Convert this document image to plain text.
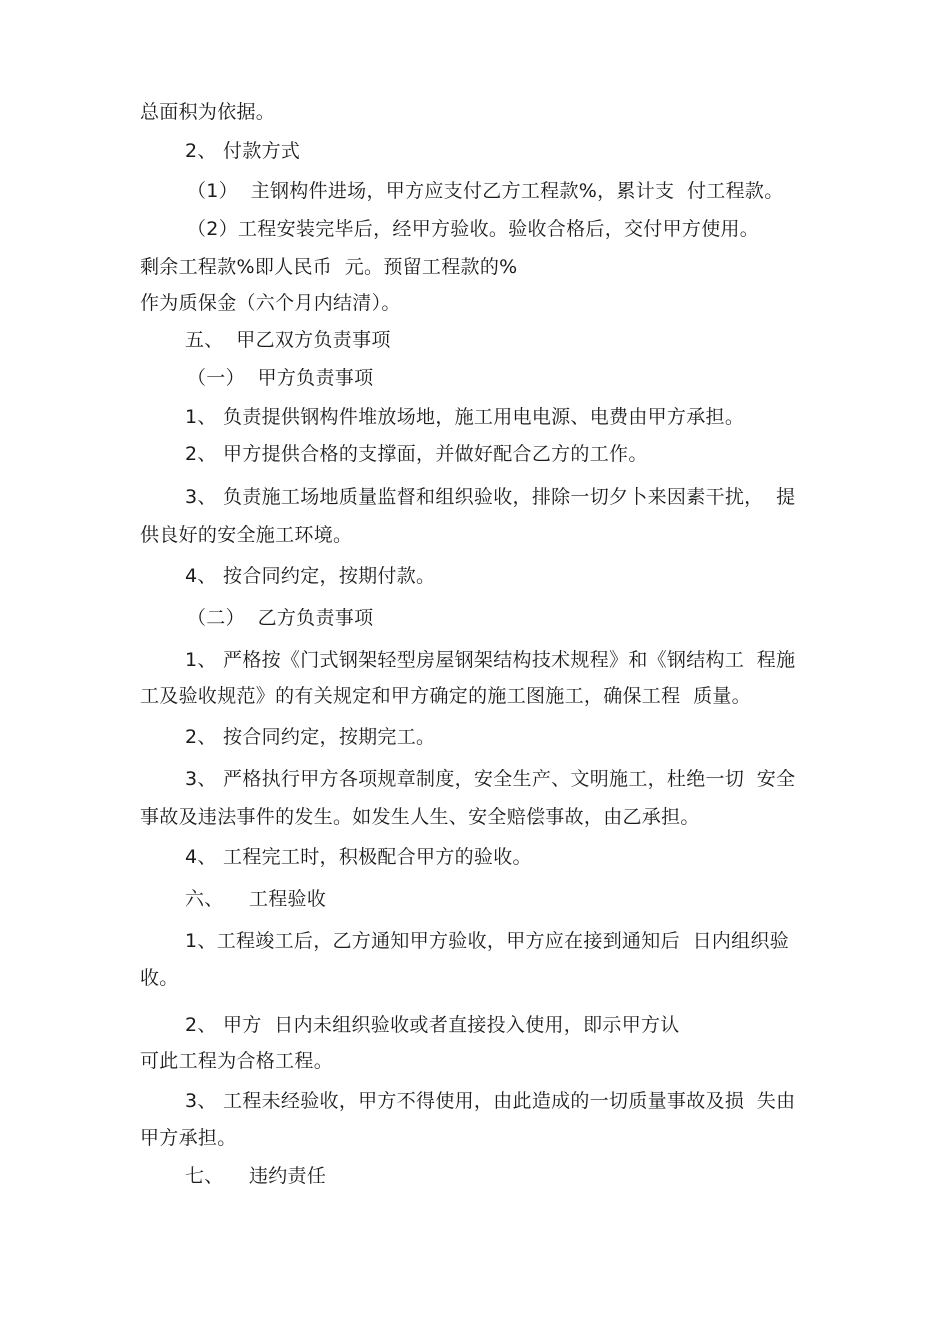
总面积为依据。
2、 付款方式
（1）  主钢构件进场，甲方应支付乙方工程款%，累计支  付工程款。
（2）工程安装完毕后，经甲方验收。验收合格后，交付甲方使用。
剩余工程款%即人民币  元。预留工程款的%
作为质保金（六个月内结清）。
五、  甲乙双方负责事项
（一）  甲方负责事项
1、 负责提供钢构件堆放场地，施工用电电源、电费由甲方承担。
2、 甲方提供合格的支撑面，并做好配合乙方的工作。
3、 负责施工场地质量监督和组织验收，排除一切夕卜来因素干扰，  提
供良好的安全施工环境。
4、 按合同约定，按期付款。
（二）  乙方负责事项
1、 严格按《门式钢架轻型房屋钢架结构技术规程》和《钢结构工  程施
工及验收规范》的有关规定和甲方确定的施工图施工，确保工程  质量。
2、 按合同约定，按期完工。
3、 严格执行甲方各项规章制度，安全生产、文明施工，杜绝一切  安全
事故及违法事件的发生。如发生人生、安全赔偿事故，由乙承担。
4、 工程完工时，积极配合甲方的验收。
六、    工程验收
1、工程竣工后，乙方通知甲方验收，甲方应在接到通知后  日内组织验
收。
2、 甲方  日内未组织验收或者直接投入使用，即示甲方认
可此工程为合格工程。
3、 工程未经验收，甲方不得使用，由此造成的一切质量事故及损  失由
甲方承担。
七、    违约责任
